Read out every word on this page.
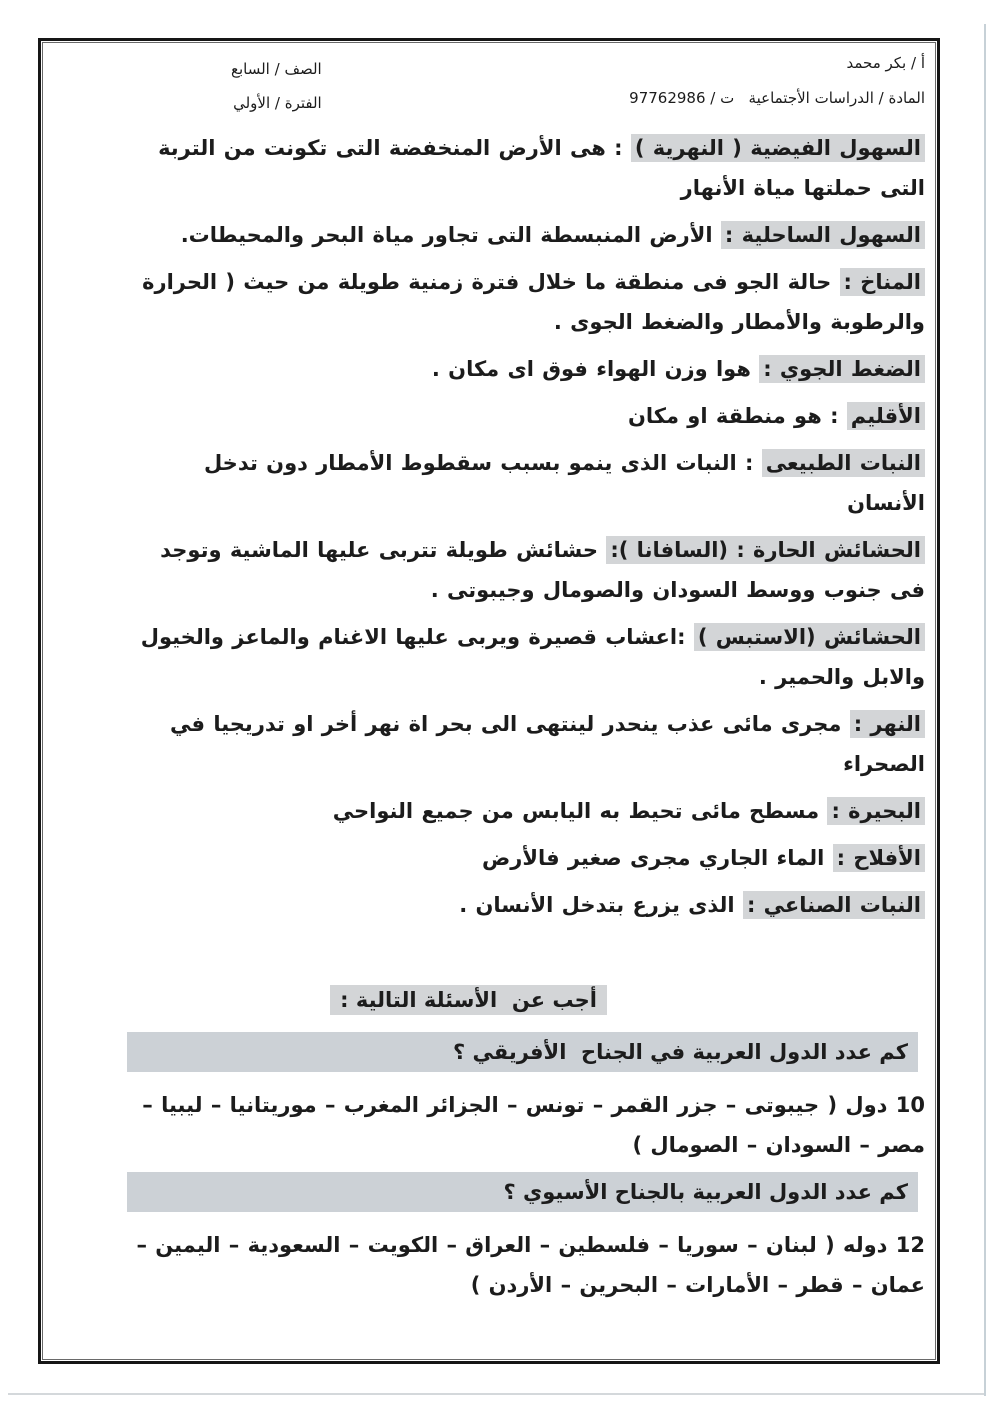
أ / بكر محمد
المادة / الدراسات الأجتماعية   ت / 97762986
الصف / السابع
الفترة / الأولي

السهول الفيضية ( النهرية ) : هى الأرض المنخفضة التى تكونت من التربة التى حملتها مياة الأنهار

السهول الساحلية : الأرض المنبسطة التى تجاور مياة البحر والمحيطات.

المناخ : حالة الجو فى منطقة ما خلال فترة زمنية طويلة من حيث ( الحرارة والرطوبة والأمطار والضغط الجوى .

الضغط الجوي : هوا وزن الهواء فوق اى مكان .

الأقليم : هو منطقة او مكان

النبات الطبيعى : النبات الذى ينمو بسبب سقطوط الأمطار دون تدخل الأنسان

الحشائش الحارة : (السافانا ): حشائش طويلة تتربى عليها الماشية وتوجد فى جنوب ووسط السودان والصومال وجيبوتى .

الحشائش (الاستبس ) :اعشاب قصيرة ويربى عليها الاغنام والماعز والخيول والابل والحمير .

النهر : مجرى مائى عذب ينحدر لينتهى الى بحر اة نهر أخر او تدريجيا في الصحراء

البحيرة : مسطح مائى تحيط به اليابس من جميع النواحي

الأفلاح : الماء الجاري مجرى صغير فالأرض

النبات الصناعي : الذى يزرع بتدخل الأنسان .

أجب عن  الأسئلة التالية :
كم عدد الدول العربية في الجناح  الأفريقي ؟

10 دول ( جيبوتى – جزر القمر – تونس – الجزائر المغرب – موريتانيا – ليبيا – مصر – السودان – الصومال )

كم عدد الدول العربية بالجناح الأسيوي ؟

12 دوله ( لبنان – سوريا – فلسطين – العراق – الكويت – السعودية – اليمين – عمان – قطر – الأمارات – البحرين – الأردن )
